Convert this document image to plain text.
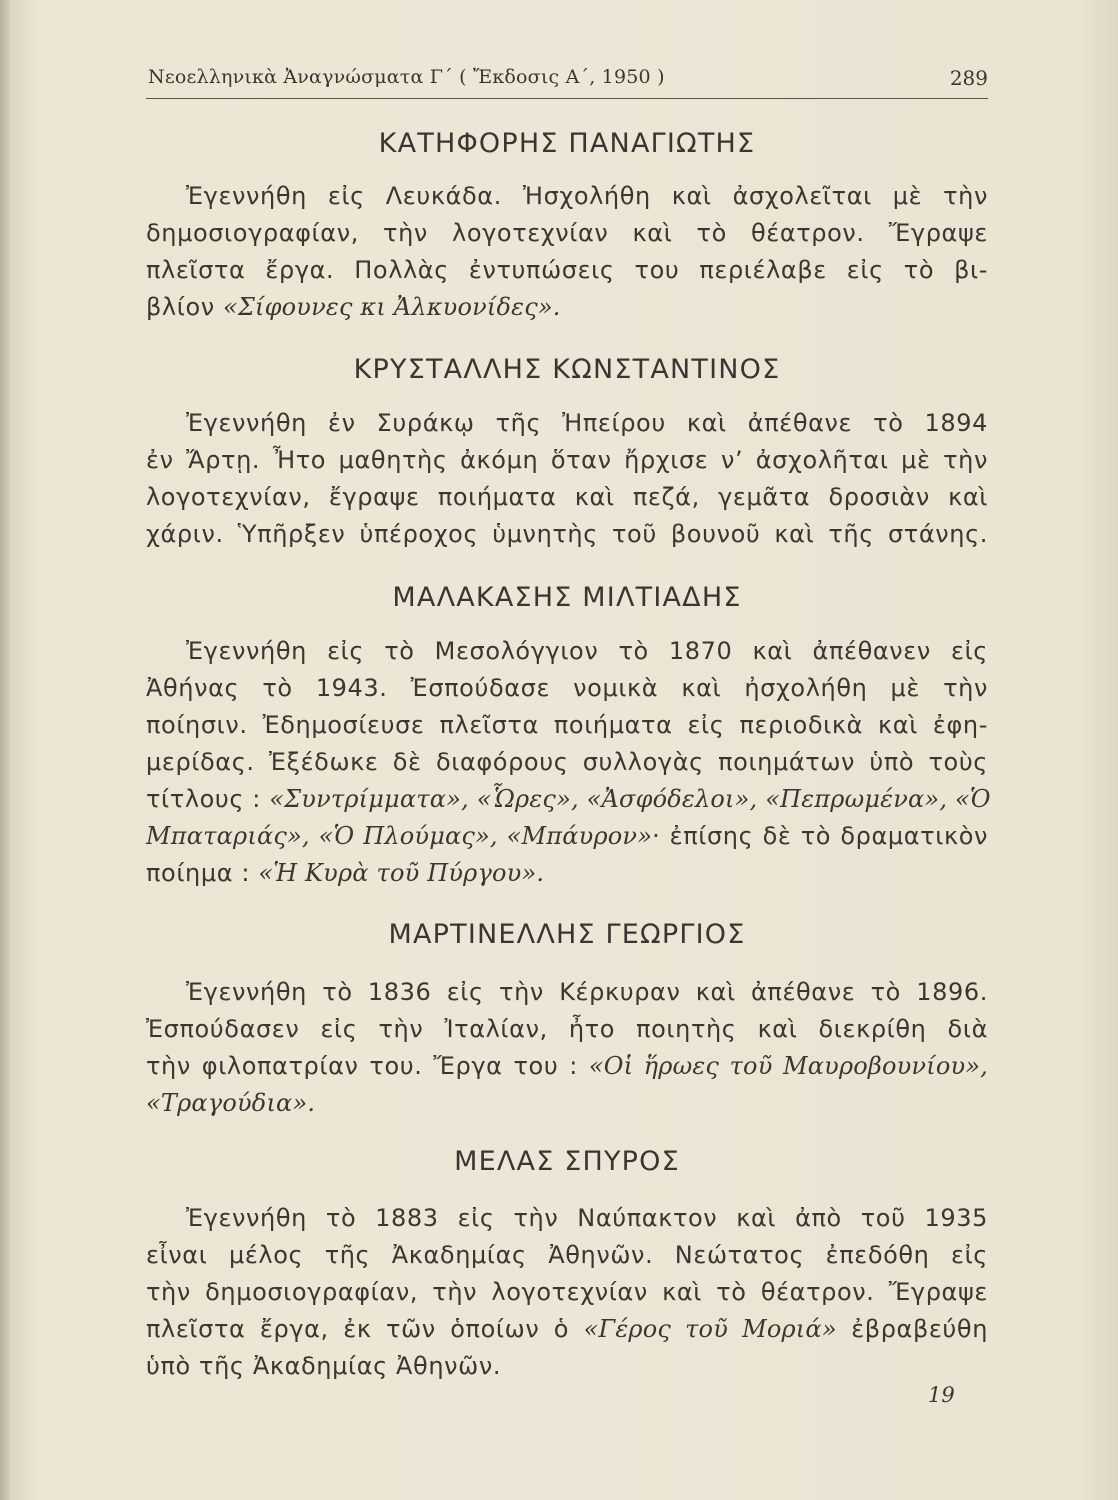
Νεοελληνικὰ Ἀναγνώσματα Γ΄ ( Ἔκδοσις Α΄, 1950 )	289
ΚΑΤΗΦΟΡΗΣ ΠΑΝΑΓΙΩΤΗΣ
Ἐγεννήθη εἰς Λευκάδα. Ἠσχολήθη καὶ ἀσχολεῖται μὲ τὴν
δημοσιογραφίαν, τὴν λογοτεχνίαν καὶ τὸ θέατρον. Ἔγραψε
πλεῖστα ἔργα. Πολλὰς ἐντυπώσεις του περιέλαβε εἰς τὸ βι-
βλίον «Σίφουνες κι Ἀλκυονίδες».
ΚΡΥΣΤΑΛΛΗΣ ΚΩΝΣΤΑΝΤΙΝΟΣ
Ἐγεννήθη ἐν Συράκῳ τῆς Ἠπείρου καὶ ἀπέθανε τὸ 1894
ἐν Ἄρτῃ. Ἦτο μαθητὴς ἀκόμη ὅταν ἤρχισε ν’ ἀσχολῆται μὲ τὴν
λογοτεχνίαν, ἔγραψε ποιήματα καὶ πεζά, γεμᾶτα δροσιὰν καὶ
χάριν. Ὑπῆρξεν ὑπέροχος ὑμνητὴς τοῦ βουνοῦ καὶ τῆς στάνης.
ΜΑΛΑΚΑΣΗΣ ΜΙΛΤΙΑΔΗΣ
Ἐγεννήθη εἰς τὸ Μεσολόγγιον τὸ 1870 καὶ ἀπέθανεν εἰς
Ἀθήνας τὸ 1943. Ἐσπούδασε νομικὰ καὶ ἠσχολήθη μὲ τὴν
ποίησιν. Ἐδημοσίευσε πλεῖστα ποιήματα εἰς περιοδικὰ καὶ ἐφη-
μερίδας. Ἐξέδωκε δὲ διαφόρους συλλογὰς ποιημάτων ὑπὸ τοὺς
τίτλους : «Συντρίμματα», «Ὧρες», «Ἀσφόδελοι», «Πεπρωμένα», «Ὁ
Μπαταριάς», «Ὁ Πλούμας», «Μπάυρον»· ἐπίσης δὲ τὸ δραματικὸν
ποίημα : «Ἡ Κυρὰ τοῦ Πύργου».
ΜΑΡΤΙΝΕΛΛΗΣ ΓΕΩΡΓΙΟΣ
Ἐγεννήθη τὸ 1836 εἰς τὴν Κέρκυραν καὶ ἀπέθανε τὸ 1896.
Ἐσπούδασεν εἰς τὴν Ἰταλίαν, ἦτο ποιητὴς καὶ διεκρίθη διὰ
τὴν φιλοπατρίαν του. Ἔργα του : «Οἱ ἥρωες τοῦ Μαυροβουνίου»,
«Τραγούδια».
ΜΕΛΑΣ ΣΠΥΡΟΣ
Ἐγεννήθη τὸ 1883 εἰς τὴν Ναύπακτον καὶ ἀπὸ τοῦ 1935
εἶναι μέλος τῆς Ἀκαδημίας Ἀθηνῶν. Νεώτατος ἐπεδόθη εἰς
τὴν δημοσιογραφίαν, τὴν λογοτεχνίαν καὶ τὸ θέατρον. Ἔγραψε
πλεῖστα ἔργα, ἐκ τῶν ὁποίων ὁ «Γέρος τοῦ Μοριά» ἐβραβεύθη
ὑπὸ τῆς Ἀκαδημίας Ἀθηνῶν.
19
